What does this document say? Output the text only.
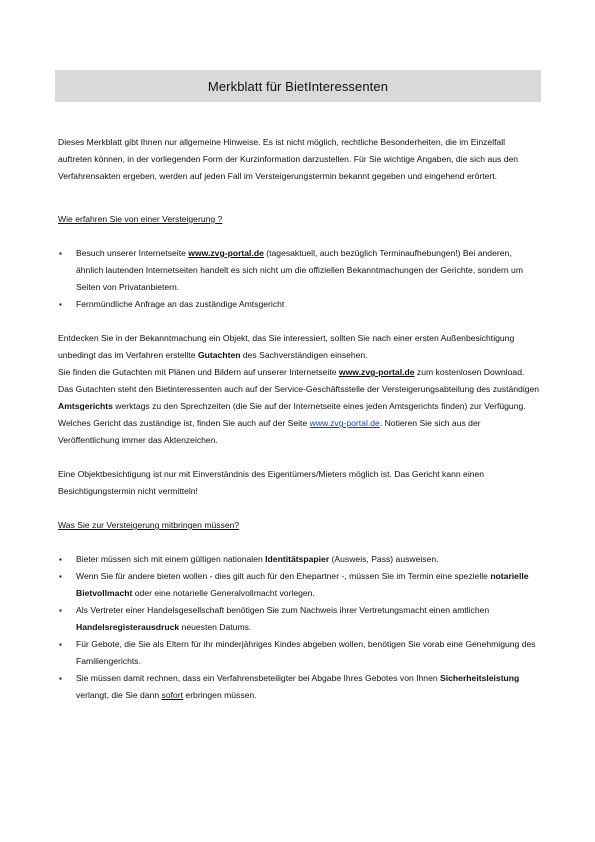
Merkblatt für BietInteressenten

Dieses Merkblatt gibt Ihnen nur allgemeine Hinweise. Es ist nicht möglich, rechtliche Besonderheiten, die im Einzelfall auftreten können, in der vorliegenden Form der Kurzinformation darzustellen. Für Sie wichtige Angaben, die sich aus den Verfahrensakten ergeben, werden auf jeden Fall im Versteigerungstermin bekannt gegeben und eingehend erörtert.

Wie erfahren Sie von einer Versteigerung ?

▪ Besuch unserer Internetseite www.zvg-portal.de (tagesaktuell, auch bezüglich Terminaufhebungen!) Bei anderen, ähnlich lautenden Internetseiten handelt es sich nicht um die offiziellen Bekanntmachungen der Gerichte, sondern um Seiten von Privatanbietern.
▪ Fernmündliche Anfrage an das zuständige Amtsgericht

Entdecken Sie in der Bekanntmachung ein Objekt, das Sie interessiert, sollten Sie nach einer ersten Außenbesichtigung unbedingt das im Verfahren erstellte Gutachten des Sachverständigen einsehen.

Sie finden die Gutachten mit Plänen und Bildern auf unserer Internetseite www.zvg-portal.de zum kostenlosen Download. Das Gutachten steht den Bietinteressenten auch auf der Service-Geschäftsstelle der Versteigerungsabteilung des zuständigen Amtsgerichts werktags zu den Sprechzeiten (die Sie auf der Internetseite eines jeden Amtsgerichts finden) zur Verfügung. Welches Gericht das zuständige ist, finden Sie auch auf der Seite www.zvg-portal.de. Notieren Sie sich aus der Veröffentlichung immer das Aktenzeichen.

Eine Objektbesichtigung ist nur mit Einverständnis des Eigentümers/Mieters möglich ist. Das Gericht kann einen Besichtigungstermin nicht vermitteln!

Was Sie zur Versteigerung mitbringen müssen?

▪ Bieter müssen sich mit einem gültigen nationalen Identitätspapier (Ausweis, Pass) ausweisen.
▪ Wenn Sie für andere bieten wollen - dies gilt auch für den Ehepartner -, müssen Sie im Termin eine spezielle notarielle Bietvollmacht oder eine notarielle Generalvollmacht vorlegen.
▪ Als Vertreter einer Handelsgesellschaft benötigen Sie zum Nachweis ihrer Vertretungsmacht einen amtlichen Handelsregisterausdruck neuesten Datums.
▪ Für Gebote, die Sie als Eltern für ihr minderjähriges Kindes abgeben wollen, benötigen Sie vorab eine Genehmigung des Familiengerichts.
▪ Sie müssen damit rechnen, dass ein Verfahrensbeteiligter bei Abgabe Ihres Gebotes von Ihnen Sicherheitsleistung verlangt, die Sie dann sofort erbringen müssen.
